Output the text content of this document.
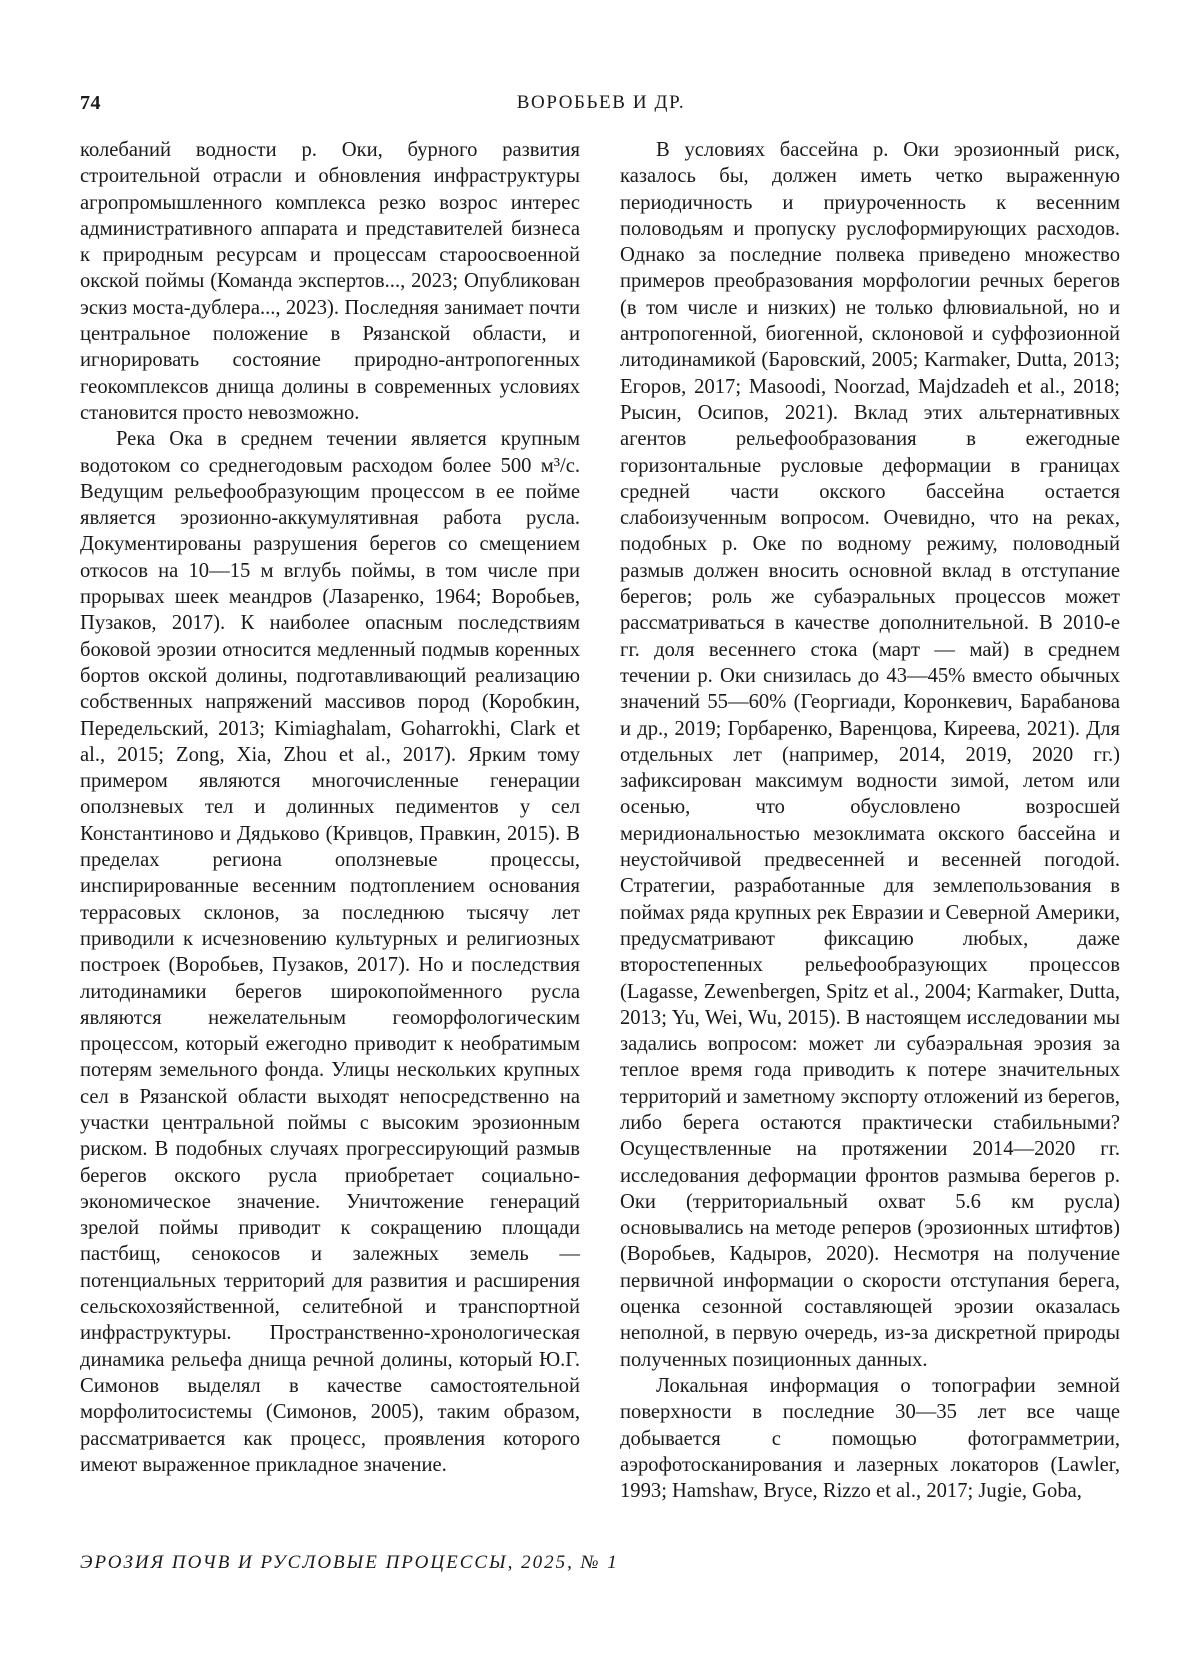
74	ВОРОБЬЕВ И ДР.

колебаний водности р. Оки, бурного развития строительной отрасли и обновления инфраструктуры агропромышленного комплекса резко возрос интерес административного аппарата и представителей бизнеса к природным ресурсам и процессам староосвоенной окской поймы (Команда экспертов..., 2023; Опубликован эскиз моста-дублера..., 2023). Последняя занимает почти центральное положение в Рязанской области, и игнорировать состояние природно-антропогенных геокомплексов днища долины в современных условиях становится просто невозможно.

Река Ока в среднем течении является крупным водотоком со среднегодовым расходом более 500 м³/с. Ведущим рельефообразующим процессом в ее пойме является эрозионно-аккумулятивная работа русла. Документированы разрушения берегов со смещением откосов на 10—15 м вглубь поймы, в том числе при прорывах шеек меандров (Лазаренко, 1964; Воробьев, Пузаков, 2017). К наиболее опасным последствиям боковой эрозии относится медленный подмыв коренных бортов окской долины, подготавливающий реализацию собственных напряжений массивов пород (Коробкин, Передельский, 2013; Kimiaghalam, Goharrokhi, Clark et al., 2015; Zong, Xia, Zhou et al., 2017). Ярким тому примером являются многочисленные генерации оползневых тел и долинных педиментов у сел Константиново и Дядьково (Кривцов, Правкин, 2015). В пределах региона оползневые процессы, инспирированные весенним подтоплением основания террасовых склонов, за последнюю тысячу лет приводили к исчезновению культурных и религиозных построек (Воробьев, Пузаков, 2017). Но и последствия литодинамики берегов широкопойменного русла являются нежелательным геоморфологическим процессом, который ежегодно приводит к необратимым потерям земельного фонда. Улицы нескольких крупных сел в Рязанской области выходят непосредственно на участки центральной поймы с высоким эрозионным риском. В подобных случаях прогрессирующий размыв берегов окского русла приобретает социально-экономическое значение. Уничтожение генераций зрелой поймы приводит к сокращению площади пастбищ, сенокосов и залежных земель — потенциальных территорий для развития и расширения сельскохозяйственной, селитебной и транспортной инфраструктуры. Пространственно-хронологическая динамика рельефа днища речной долины, который Ю.Г. Симонов выделял в качестве самостоятельной морфолитосистемы (Симонов, 2005), таким образом, рассматривается как процесс, проявления которого имеют выраженное прикладное значение.

В условиях бассейна р. Оки эрозионный риск, казалось бы, должен иметь четко выраженную периодичность и приуроченность к весенним половодьям и пропуску руслоформирующих расходов. Однако за последние полвека приведено множество примеров преобразования морфологии речных берегов (в том числе и низких) не только флювиальной, но и антропогенной, биогенной, склоновой и суффозионной литодинамикой (Баровский, 2005; Karmaker, Dutta, 2013; Егоров, 2017; Masoodi, Noorzad, Majdzadeh et al., 2018; Рысин, Осипов, 2021). Вклад этих альтернативных агентов рельефообразования в ежегодные горизонтальные русловые деформации в границах средней части окского бассейна остается слабоизученным вопросом. Очевидно, что на реках, подобных р. Оке по водному режиму, половодный размыв должен вносить основной вклад в отступание берегов; роль же субаэральных процессов может рассматриваться в качестве дополнительной. В 2010-е гг. доля весеннего стока (март — май) в среднем течении р. Оки снизилась до 43—45% вместо обычных значений 55—60% (Георгиади, Коронкевич, Барабанова и др., 2019; Горбаренко, Варенцова, Киреева, 2021). Для отдельных лет (например, 2014, 2019, 2020 гг.) зафиксирован максимум водности зимой, летом или осенью, что обусловлено возросшей меридиональностью мезоклимата окского бассейна и неустойчивой предвесенней и весенней погодой. Стратегии, разработанные для землепользования в поймах ряда крупных рек Евразии и Северной Америки, предусматривают фиксацию любых, даже второстепенных рельефообразующих процессов (Lagasse, Zewenbergen, Spitz et al., 2004; Karmaker, Dutta, 2013; Yu, Wei, Wu, 2015). В настоящем исследовании мы задались вопросом: может ли субаэральная эрозия за теплое время года приводить к потере значительных территорий и заметному экспорту отложений из берегов, либо берега остаются практически стабильными? Осуществленные на протяжении 2014—2020 гг. исследования деформации фронтов размыва берегов р. Оки (территориальный охват 5.6 км русла) основывались на методе реперов (эрозионных штифтов) (Воробьев, Кадыров, 2020). Несмотря на получение первичной информации о скорости отступания берега, оценка сезонной составляющей эрозии оказалась неполной, в первую очередь, из-за дискретной природы полученных позиционных данных.

Локальная информация о топографии земной поверхности в последние 30—35 лет все чаще добывается с помощью фотограмметрии, аэрофотосканирования и лазерных локаторов (Lawler, 1993; Hamshaw, Bryce, Rizzo et al., 2017; Jugie, Goba,

ЭРОЗИЯ ПОЧВ И РУСЛОВЫЕ ПРОЦЕССЫ, 2025, № 1
